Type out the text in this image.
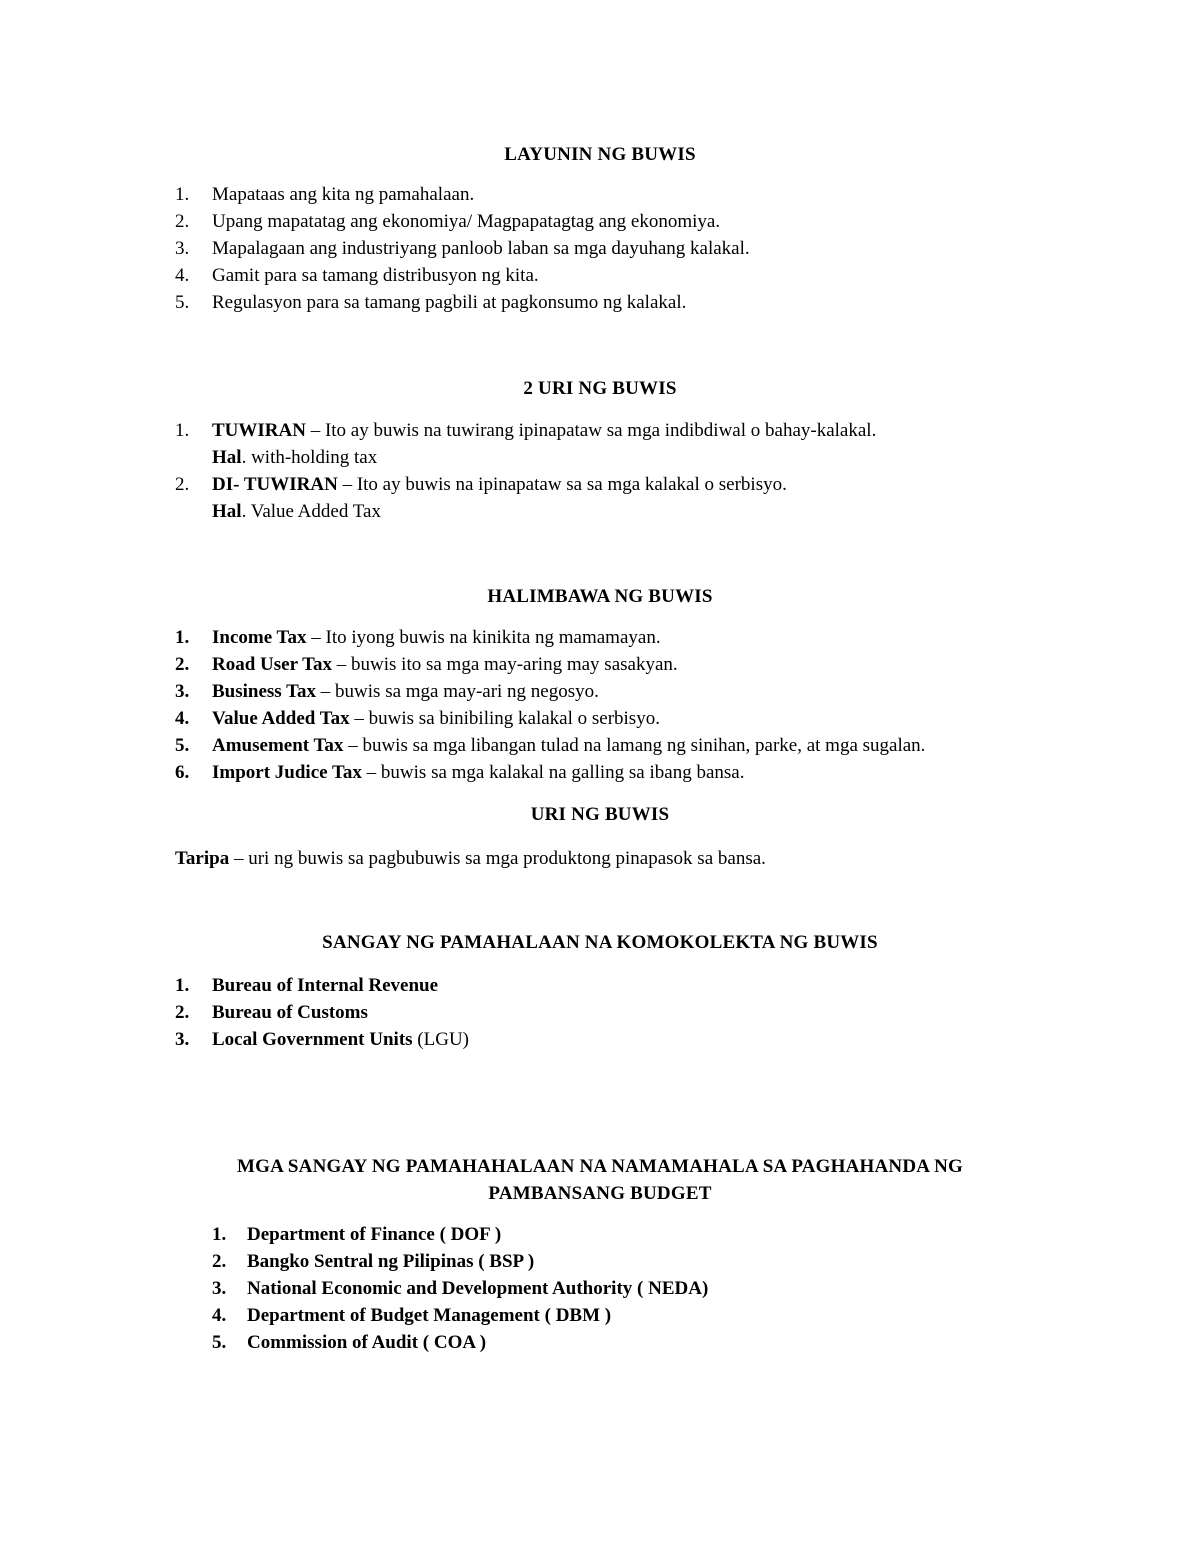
LAYUNIN NG BUWIS
1. Mapataas ang kita ng pamahalaan.
2. Upang mapatatag ang ekonomiya/ Magpapatagtag ang ekonomiya.
3. Mapalagaan ang industriyang panloob laban sa mga dayuhang kalakal.
4. Gamit para sa tamang distribusyon ng kita.
5. Regulasyon para sa tamang pagbili at pagkonsumo ng kalakal.
2 URI NG BUWIS
1. TUWIRAN – Ito ay buwis na tuwirang ipinapataw sa mga indibdiwal o bahay-kalakal.
Hal. with-holding tax
2. DI- TUWIRAN – Ito ay buwis na ipinapataw sa sa mga kalakal o serbisyo.
Hal. Value Added Tax
HALIMBAWA NG BUWIS
1. Income Tax – Ito iyong buwis na kinikita ng mamamayan.
2. Road User Tax – buwis ito sa mga may-aring may sasakyan.
3. Business Tax – buwis sa mga may-ari ng negosyo.
4. Value Added Tax – buwis sa binibiling kalakal o serbisyo.
5. Amusement Tax – buwis sa mga libangan tulad na lamang ng sinihan, parke, at mga sugalan.
6. Import Judice Tax – buwis sa mga kalakal na galling sa ibang bansa.
URI NG BUWIS
Taripa – uri ng buwis sa pagbubuwis sa mga produktong pinapasok sa bansa.
SANGAY NG PAMAHALAAN NA KOMOKOLEKTA NG BUWIS
1. Bureau of Internal Revenue
2. Bureau of Customs
3. Local Government Units (LGU)
MGA SANGAY NG PAMAHAHALAAN NA NAMAMAHALA SA PAGHAHANDA NG
PAMBANSANG BUDGET
1. Department of Finance ( DOF )
2. Bangko Sentral ng Pilipinas ( BSP )
3. National Economic and Development Authority ( NEDA)
4. Department of Budget Management ( DBM )
5. Commission of Audit ( COA )
